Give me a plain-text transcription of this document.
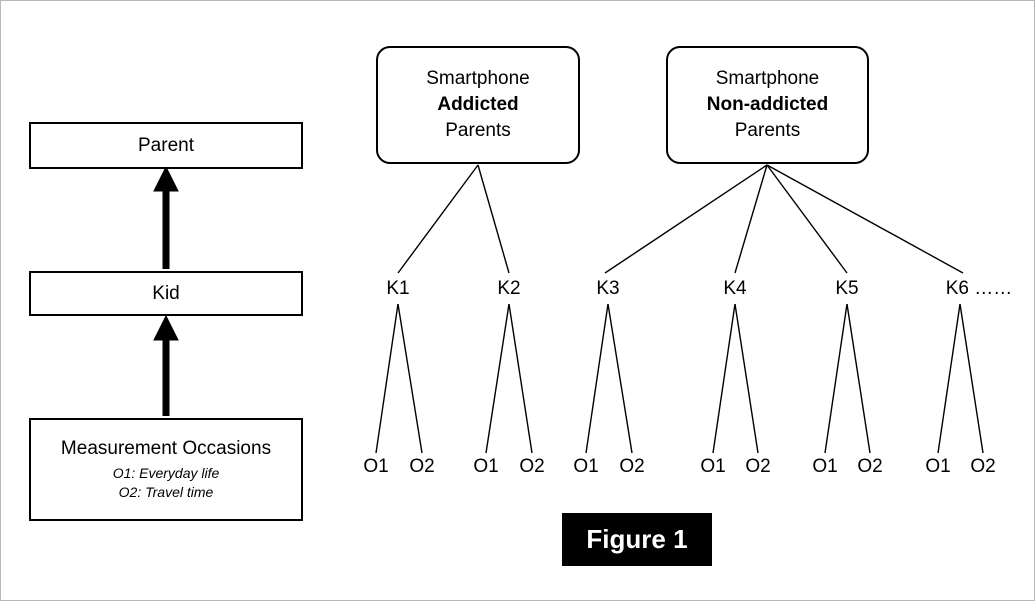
Parent
Kid
Measurement Occasions
O1: Everyday life
O2: Travel time
Smartphone
Addicted
Parents
Smartphone
Non-addicted
Parents
K1	K2	K3	K4	K5	K6 ……
O1 O2 O1 O2 O1 O2	O1 O2 O1 O2 O1 O2
Figure 1
